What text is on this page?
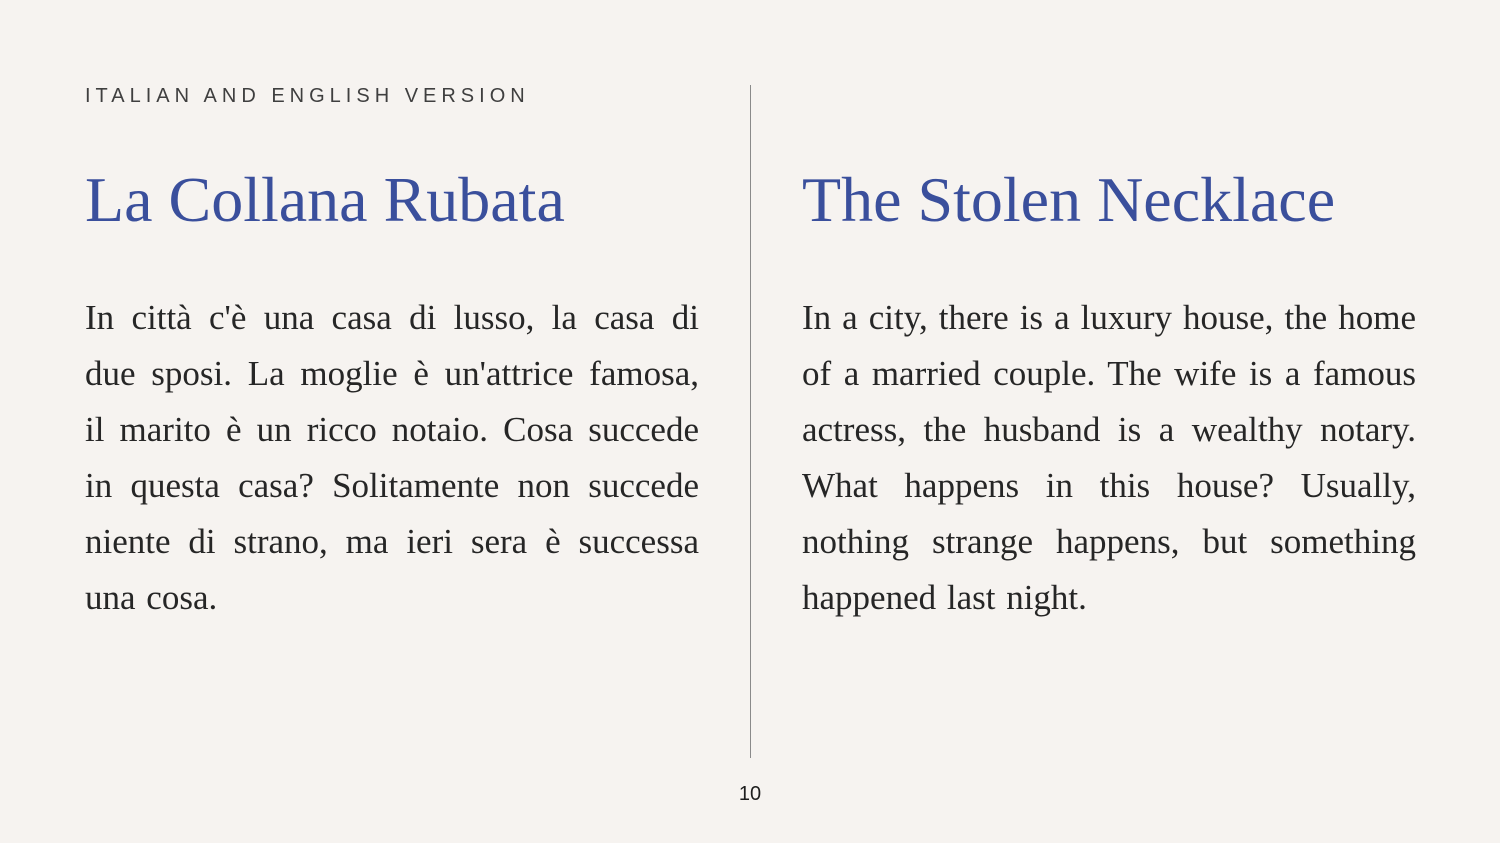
ITALIAN AND ENGLISH VERSION
La Collana Rubata
In città c'è una casa di lusso, la casa di due sposi. La moglie è un'attrice famosa, il marito è un ricco notaio. Cosa succede in questa casa? Solitamente non succede niente di strano, ma ieri sera è successa una cosa.
The Stolen Necklace
In a city, there is a luxury house, the home of a married couple. The wife is a famous actress, the husband is a wealthy notary. What happens in this house? Usually, nothing strange happens, but something happened last night.
10
